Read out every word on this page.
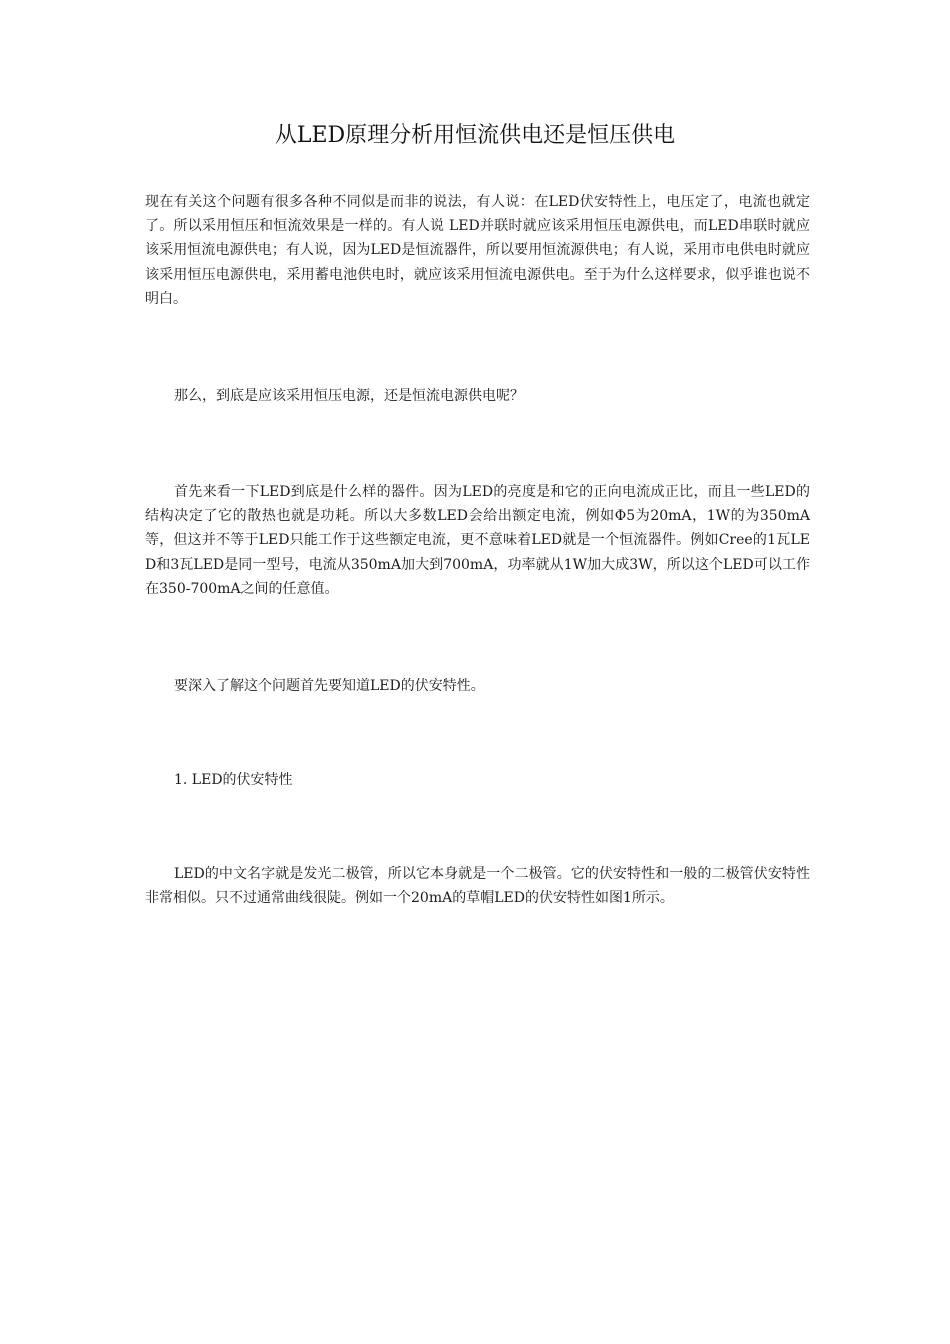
从LED原理分析用恒流供电还是恒压供电

现在有关这个问题有很多各种不同似是而非的说法，有人说：在LED伏安特性上，电压定了，电流也就定了。所以采用恒压和恒流效果是一样的。有人说 LED并联时就应该采用恒压电源供电，而LED串联时就应该采用恒流电源供电；有人说，因为LED是恒流器件，所以要用恒流源供电；有人说，采用市电供电时就应该采用恒压电源供电，采用蓄电池供电时，就应该采用恒流电源供电。至于为什么这样要求，似乎谁也说不明白。

那么，到底是应该采用恒压电源，还是恒流电源供电呢？

首先来看一下LED到底是什么样的器件。因为LED的亮度是和它的正向电流成正比，而且一些LED的结构决定了它的散热也就是功耗。所以大多数LED会给出额定电流，例如Φ5为20mA，1W的为350mA等，但这并不等于LED只能工作于这些额定电流，更不意味着LED就是一个恒流器件。例如Cree的1瓦LED和3瓦LED是同一型号，电流从350mA加大到700mA，功率就从1W加大成3W，所以这个LED可以工作在350-700mA之间的任意值。

要深入了解这个问题首先要知道LED的伏安特性。

1. LED的伏安特性

LED的中文名字就是发光二极管，所以它本身就是一个二极管。它的伏安特性和一般的二极管伏安特性非常相似。只不过通常曲线很陡。例如一个20mA的草帽LED的伏安特性如图1所示。
